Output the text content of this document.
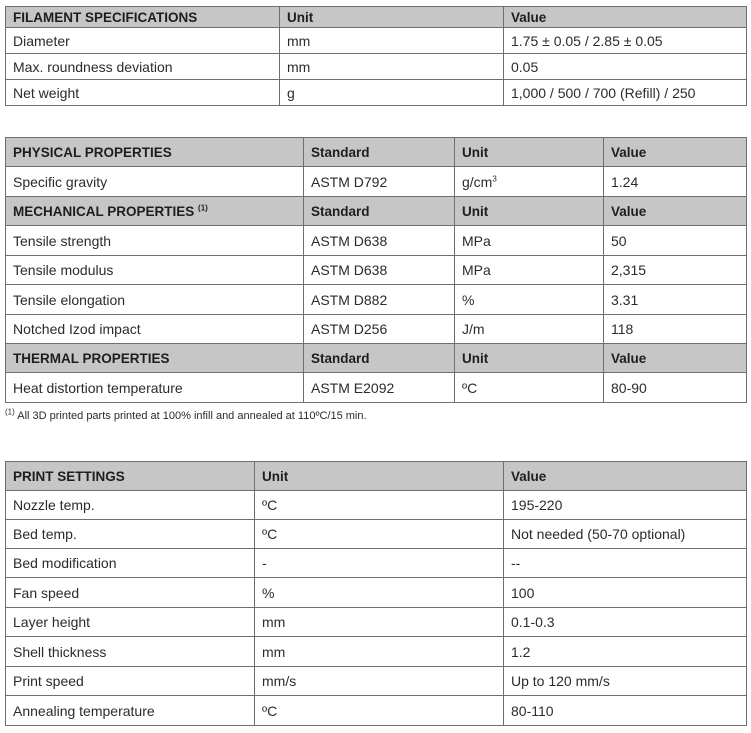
FILAMENT SPECIFICATIONS	Unit	Value
Diameter	mm	1.75 ± 0.05 / 2.85 ± 0.05
Max. roundness deviation	mm	0.05
Net weight	g	1,000 / 500 / 700 (Refill) / 250
PHYSICAL PROPERTIES	Standard	Unit	Value
Specific gravity	ASTM D792	$g/cm^3$	1.24
MECHANICAL PROPERTIES $^{(1)}$	Standard	Unit	Value
Tensile strength	ASTM D638	MPa	50
Tensile modulus	ASTM D638	MPa	2,315
Tensile elongation	ASTM D882	%	3.31
Notched Izod impact	ASTM D256	J/m	118
THERMAL PROPERTIES	Standard	Unit	Value
Heat distortion temperature	ASTM E2092	ºC	80-90
$^{(1)}$ All 3D printed parts printed at 100% infill and annealed at 110ºC/15 min.
PRINT SETTINGS	Unit	Value
Nozzle temp.	ºC	195-220
Bed temp.	ºC	Not needed (50-70 optional)
Bed modification	-	--
Fan speed	%	100
Layer height	mm	0.1-0.3
Shell thickness	mm	1.2
Print speed	mm/s	Up to 120 mm/s
Annealing temperature	ºC	80-110
